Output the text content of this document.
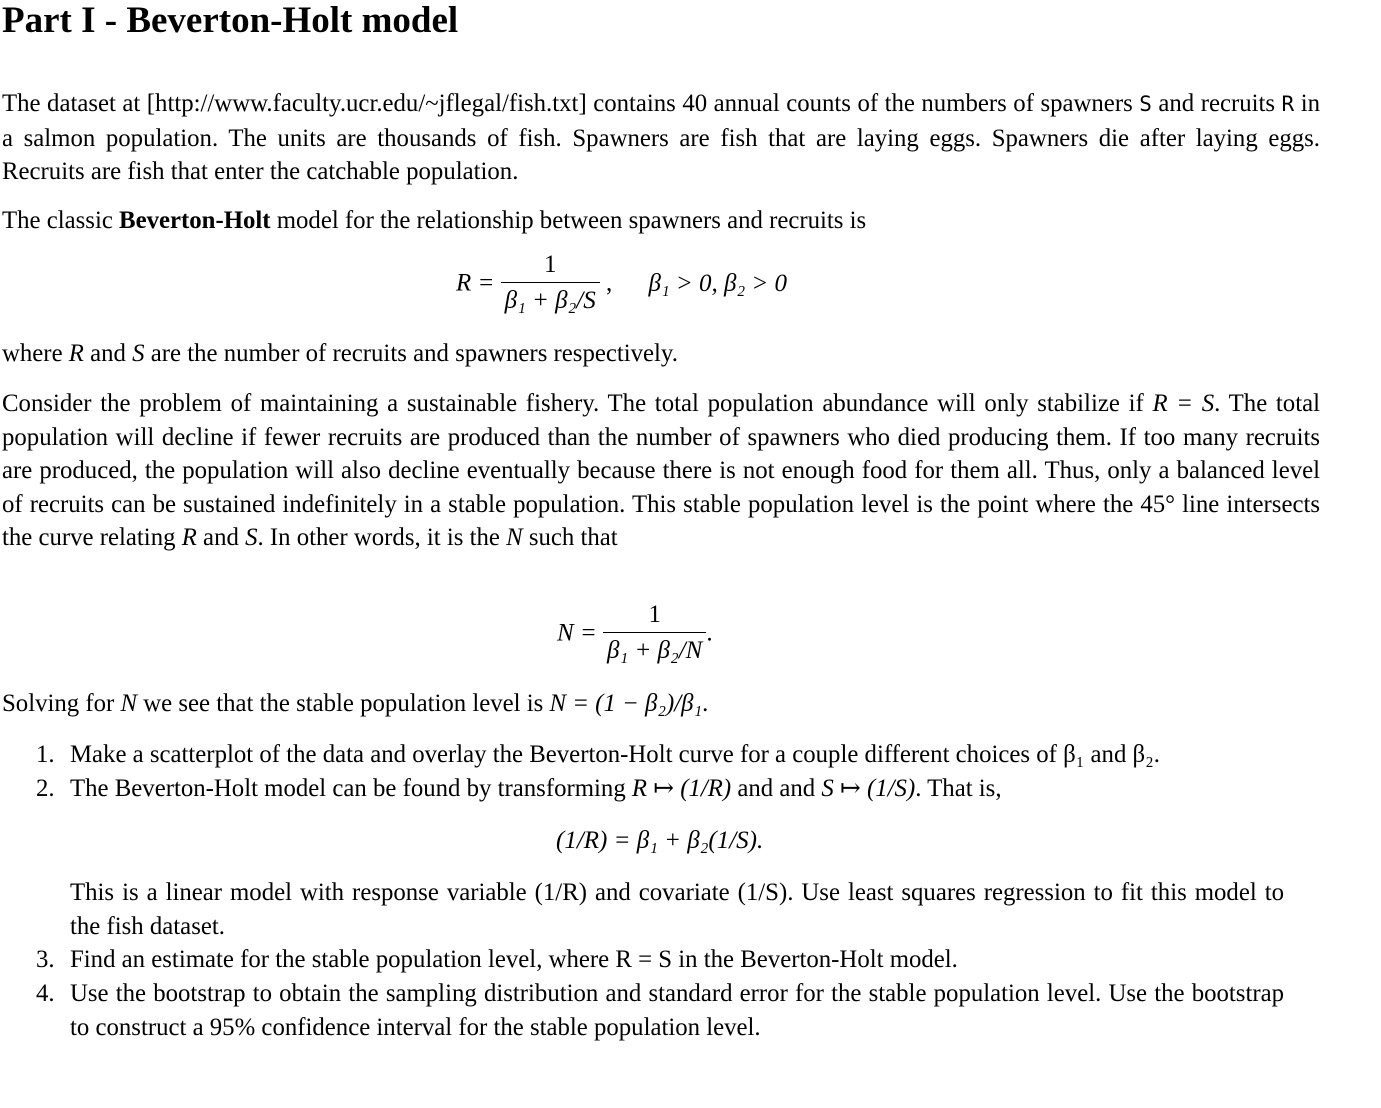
Part I - Beverton-Holt model

The dataset at [http://www.faculty.ucr.edu/~jflegal/fish.txt] contains 40 annual counts of the numbers of spawners S and recruits R in a salmon population. The units are thousands of fish. Spawners are fish that are laying eggs. Spawners die after laying eggs. Recruits are fish that enter the catchable population.

The classic Beverton-Holt model for the relationship between spawners and recruits is

$R = \frac{1}{\text{β₁ + β₂/S}}$ , β₁ > 0, β₂ > 0

where R and S are the number of recruits and spawners respectively.

Consider the problem of maintaining a sustainable fishery. The total population abundance will only stabilize if R = S. The total population will decline if fewer recruits are produced than the number of spawners who died producing them. If too many recruits are produced, the population will also decline eventually because there is not enough food for them all. Thus, only a balanced level of recruits can be sustained indefinitely in a stable population. This stable population level is the point where the 45° line intersects the curve relating R and S. In other words, it is the N such that

$N = \frac{1}{\text{β₁ + β₂/N}}$ .

Solving for N we see that the stable population level is N = (1 − β₂)/β₁.

1. Make a scatterplot of the data and overlay the Beverton-Holt curve for a couple different choices of β₁ and β₂.
2. The Beverton-Holt model can be found by transforming R ↦ (1/R) and and S ↦ (1/S). That is,
(1/R) = β₁ + β₂(1/S).
This is a linear model with response variable (1/R) and covariate (1/S). Use least squares regression to fit this model to the fish dataset.
3. Find an estimate for the stable population level, where R = S in the Beverton-Holt model.
4. Use the bootstrap to obtain the sampling distribution and standard error for the stable population level. Use the bootstrap to construct a 95% confidence interval for the stable population level.
